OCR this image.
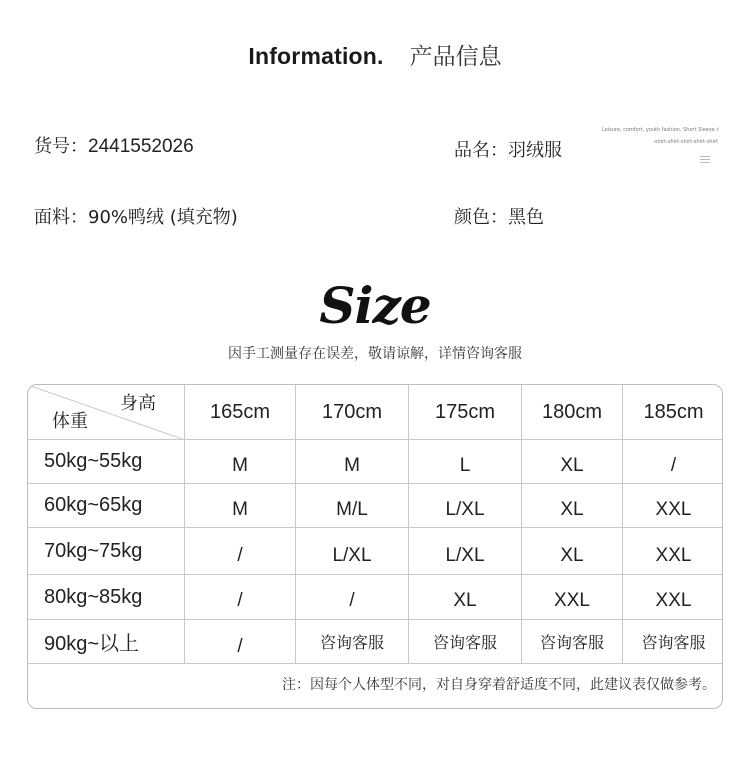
Information. 产品信息
货号：2441552026	品名：羽绒服
面料：90%鸭绒 (填充物)	颜色：黑色
Leisure, comfort, youth fashion, Short Sleeve t
-shirt-shirt-shirt-shirt-shirt
Size
因手工测量存在误差，敬请谅解，详情咨询客服
身高
体重	165cm	170cm	175cm	180cm	185cm
50kg~55kg	M	M	L	XL	/
60kg~65kg	M	M/L	L/XL	XL	XXL
70kg~75kg	/	L/XL	L/XL	XL	XXL
80kg~85kg	/	/	XL	XXL	XXL
90kg~以上	/	咨询客服	咨询客服	咨询客服	咨询客服
注：因每个人体型不同，对自身穿着舒适度不同，此建议表仅做参考。
